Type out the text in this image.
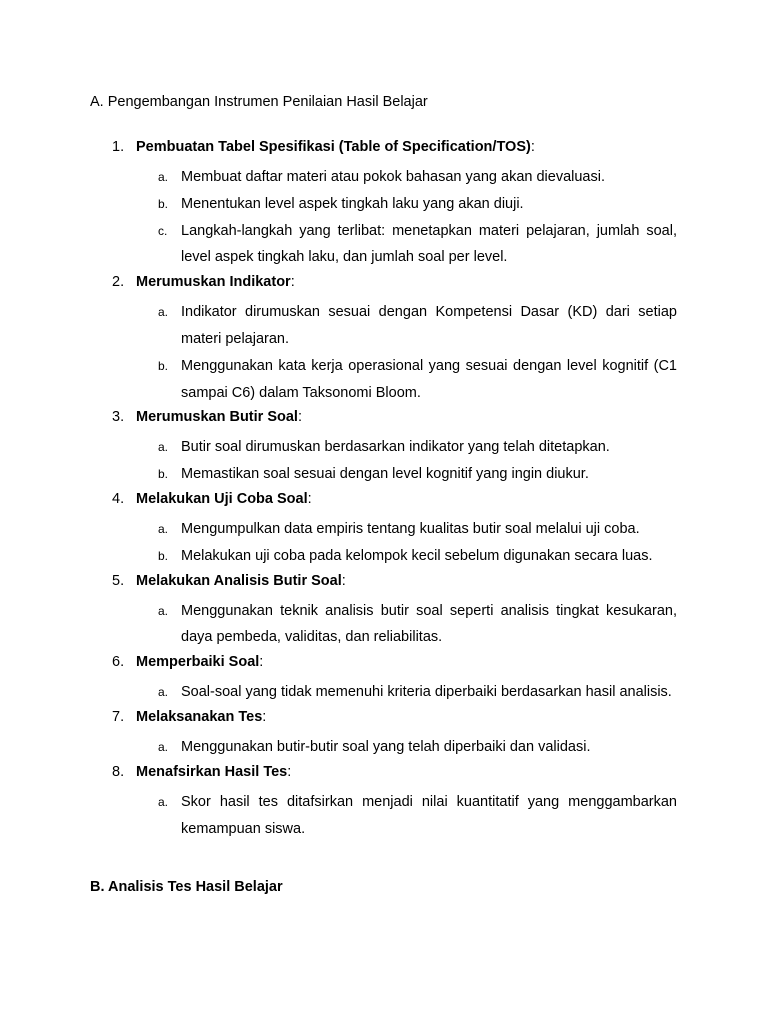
A. Pengembangan Instrumen Penilaian Hasil Belajar
1. Pembuatan Tabel Spesifikasi (Table of Specification/TOS):
a. Membuat daftar materi atau pokok bahasan yang akan dievaluasi.
b. Menentukan level aspek tingkah laku yang akan diuji.
c. Langkah-langkah yang terlibat: menetapkan materi pelajaran, jumlah soal, level aspek tingkah laku, dan jumlah soal per level.
2. Merumuskan Indikator:
a. Indikator dirumuskan sesuai dengan Kompetensi Dasar (KD) dari setiap materi pelajaran.
b. Menggunakan kata kerja operasional yang sesuai dengan level kognitif (C1 sampai C6) dalam Taksonomi Bloom.
3. Merumuskan Butir Soal:
a. Butir soal dirumuskan berdasarkan indikator yang telah ditetapkan.
b. Memastikan soal sesuai dengan level kognitif yang ingin diukur.
4. Melakukan Uji Coba Soal:
a. Mengumpulkan data empiris tentang kualitas butir soal melalui uji coba.
b. Melakukan uji coba pada kelompok kecil sebelum digunakan secara luas.
5. Melakukan Analisis Butir Soal:
a. Menggunakan teknik analisis butir soal seperti analisis tingkat kesukaran, daya pembeda, validitas, dan reliabilitas.
6. Memperbaiki Soal:
a. Soal-soal yang tidak memenuhi kriteria diperbaiki berdasarkan hasil analisis.
7. Melaksanakan Tes:
a. Menggunakan butir-butir soal yang telah diperbaiki dan validasi.
8. Menafsirkan Hasil Tes:
a. Skor hasil tes ditafsirkan menjadi nilai kuantitatif yang menggambarkan kemampuan siswa.
B. Analisis Tes Hasil Belajar
